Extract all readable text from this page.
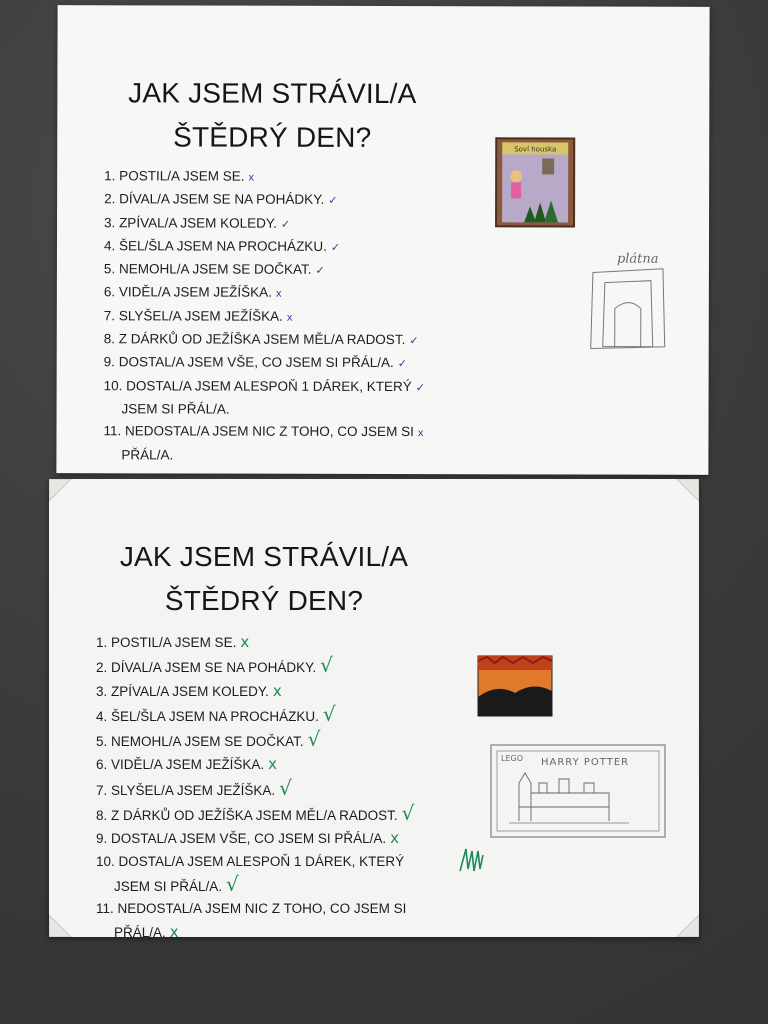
JAK JSEM STRÁVIL/A
ŠTĚDRÝ DEN?
1. POSTIL/A JSEM SE. x
2. DÍVAL/A JSEM SE NA POHÁDKY. ✓
3. ZPÍVAL/A JSEM KOLEDY. ✓
4. ŠEL/ŠLA JSEM NA PROCHÁZKU. ✓
5. NEMOHL/A JSEM SE DOČKAT. ✓
6. VIDĚL/A JSEM JEŽÍŠKA. x
7. SLYŠEL/A JSEM JEŽÍŠKA. x
8. Z DÁRKŮ OD JEŽÍŠKA JSEM MĚL/A RADOST. ✓
9. DOSTAL/A JSEM VŠE, CO JSEM SI PŘÁL/A. ✓
10. DOSTAL/A JSEM ALESPOŇ 1 DÁREK, KTERÝ ✓
JSEM SI PŘÁL/A.
11. NEDOSTAL/A JSEM NIC Z TOHO, CO JSEM SI x
PŘÁL/A.
Soví houska
plátna
JAK JSEM STRÁVIL/A
ŠTĚDRÝ DEN?
1. POSTIL/A JSEM SE. x
2. DÍVAL/A JSEM SE NA POHÁDKY. √
3. ZPÍVAL/A JSEM KOLEDY. x
4. ŠEL/ŠLA JSEM NA PROCHÁZKU. √
5. NEMOHL/A JSEM SE DOČKAT. √
6. VIDĚL/A JSEM JEŽÍŠKA. x
7. SLYŠEL/A JSEM JEŽÍŠKA. √
8. Z DÁRKŮ OD JEŽÍŠKA JSEM MĚL/A RADOST. √
9. DOSTAL/A JSEM VŠE, CO JSEM SI PŘÁL/A. x
10. DOSTAL/A JSEM ALESPOŇ 1 DÁREK, KTERÝ
JSEM SI PŘÁL/A. √
11. NEDOSTAL/A JSEM NIC Z TOHO, CO JSEM SI
PŘÁL/A. x
LEGO HARRY POTTER
